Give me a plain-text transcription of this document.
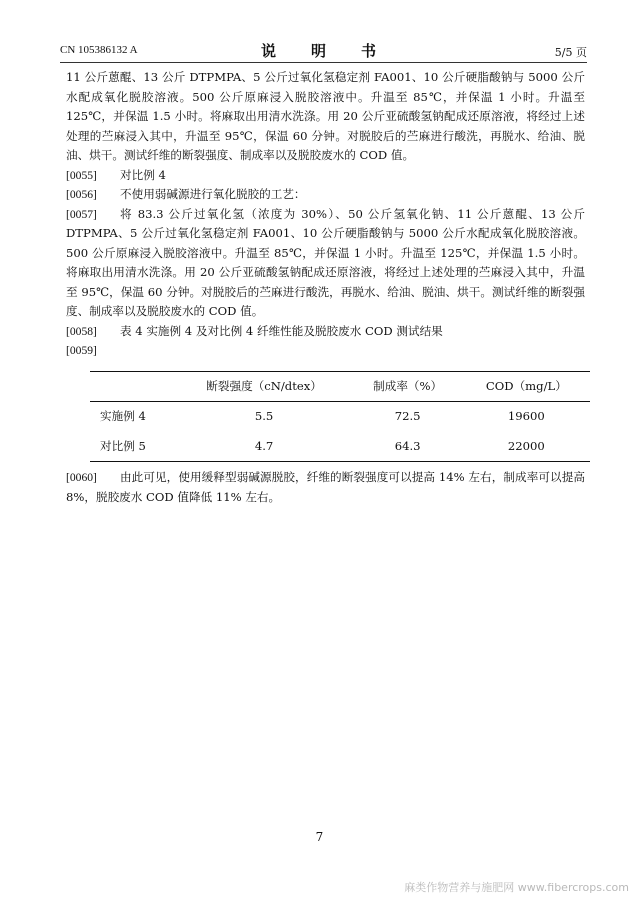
CN 105386132 A	说　明　书	5/5 页

11 公斤蒽醌、13 公斤 DTPMPA、5 公斤过氧化氢稳定剂 FA001、10 公斤硬脂酸钠与 5000 公斤水配成氧化脱胶溶液。500 公斤原麻浸入脱胶溶液中。升温至 85℃，并保温 1 小时。升温至 125℃，并保温 1.5 小时。将麻取出用清水洗涤。用 20 公斤亚硫酸氢钠配成还原溶液，将经过上述处理的苎麻浸入其中，升温至 95℃，保温 60 分钟。对脱胶后的苎麻进行酸洗，再脱水、给油、脱油、烘干。测试纤维的断裂强度、制成率以及脱胶废水的 COD 值。

[0055]	对比例 4
[0056]	不使用弱碱源进行氧化脱胶的工艺：
[0057]	将 83.3 公斤过氧化氢（浓度为 30%）、50 公斤氢氧化钠、11 公斤蒽醌、13 公斤 DTPMPA、5 公斤过氧化氢稳定剂 FA001、10 公斤硬脂酸钠与 5000 公斤水配成氧化脱胶溶液。500 公斤原麻浸入脱胶溶液中。升温至 85℃，并保温 1 小时。升温至 125℃，并保温 1.5 小时。将麻取出用清水洗涤。用 20 公斤亚硫酸氢钠配成还原溶液，将经过上述处理的苎麻浸入其中，升温至 95℃，保温 60 分钟。对脱胶后的苎麻进行酸洗，再脱水、给油、脱油、烘干。测试纤维的断裂强度、制成率以及脱胶废水的 COD 值。

[0058]	表 4 实施例 4 及对比例 4 纤维性能及脱胶废水 COD 测试结果
[0059]
	断裂强度（cN/dtex）	制成率（%）	COD（mg/L）
实施例 4	5.5	72.5	19600
对比例 5	4.7	64.3	22000
[0060]	由此可见，使用缓释型弱碱源脱胶，纤维的断裂强度可以提高 14% 左右，制成率可以提高 8%，脱胶废水 COD 值降低 11% 左右。

7
麻类作物营养与施肥网 www.fibercrops.com
